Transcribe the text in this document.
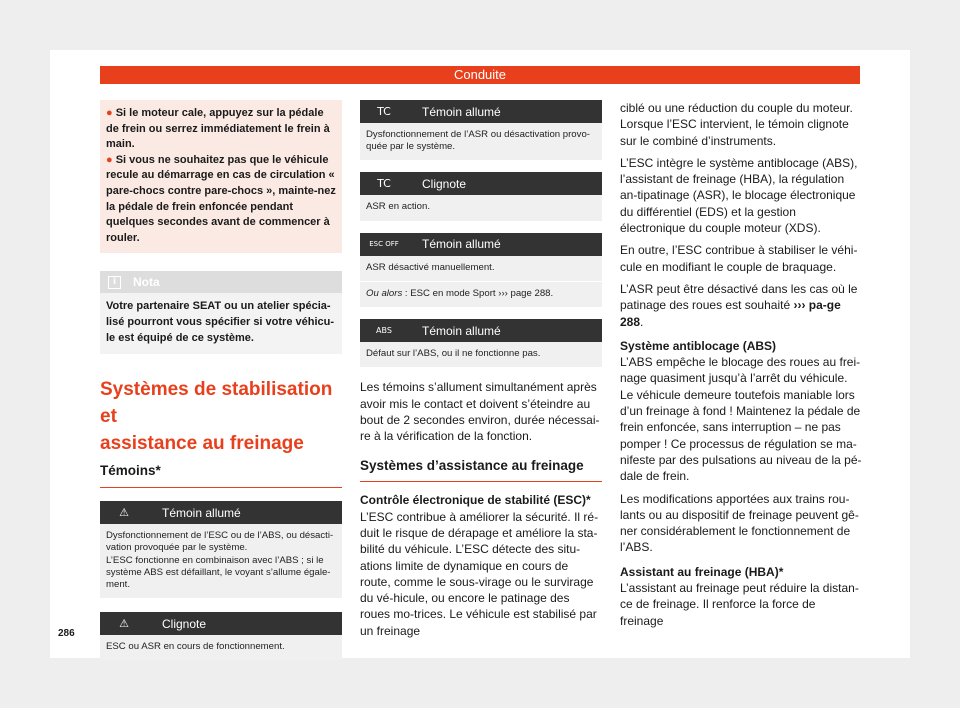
Conduite

● Si le moteur cale, appuyez sur la pédale de frein ou serrez immédiatement le frein à main.

● Si vous ne souhaitez pas que le véhicule recule au démarrage en cas de circulation « pare-chocs contre pare-chocs », mainte-nez la pédale de frein enfoncée pendant quelques secondes avant de commencer à rouler.

i	Nota
Votre partenaire SEAT ou un atelier spécia-lisé pourront vous spécifier si votre véhicu-le est équipé de ce système.
Systèmes de stabilisation et
assistance au freinage
Témoins*
⚠	Témoin allumé
Dysfonctionnement de l’ESC ou de l’ABS, ou désacti-vation provoquée par le système.
L’ESC fonctionne en combinaison avec l’ABS ; si le système ABS est défaillant, le voyant s’allume égale-ment.
⚠	Clignote
ESC ou ASR en cours de fonctionnement.
TC	Témoin allumé
Dysfonctionnement de l’ASR ou désactivation provo-quée par le système.
TC	Clignote
ASR en action.
ESC OFF	Témoin allumé
ASR désactivé manuellement.
Ou alors : ESC en mode Sport ››› page 288.
ABS	Témoin allumé
Défaut sur l’ABS, ou il ne fonctionne pas.

Les témoins s’allument simultanément après avoir mis le contact et doivent s’éteindre au bout de 2 secondes environ, durée nécessai-re à la vérification de la fonction.

Systèmes d’assistance au freinage

Contrôle électronique de stabilité (ESC)*

L’ESC contribue à améliorer la sécurité. Il ré-duit le risque de dérapage et améliore la sta-bilité du véhicule. L’ESC détecte des situ-ations limite de dynamique en cours de route, comme le sous-virage ou le survirage du vé-hicule, ou encore le patinage des roues mo-trices. Le véhicule est stabilisé par un freinage

ciblé ou une réduction du couple du moteur. Lorsque l’ESC intervient, le témoin clignote sur le combiné d’instruments.

L’ESC intègre le système antiblocage (ABS), l’assistant de freinage (HBA), la régulation an-tipatinage (ASR), le blocage électronique du différentiel (EDS) et la gestion électronique du couple moteur (XDS).

En outre, l’ESC contribue à stabiliser le véhi-cule en modifiant le couple de braquage.

L’ASR peut être désactivé dans les cas où le patinage des roues est souhaité ››› pa-ge 288.

Système antiblocage (ABS)

L’ABS empêche le blocage des roues au frei-nage quasiment jusqu’à l’arrêt du véhicule. Le véhicule demeure toutefois maniable lors d’un freinage à fond ! Maintenez la pédale de frein enfoncée, sans interruption – ne pas pomper ! Ce processus de régulation se ma-nifeste par des pulsations au niveau de la pé-dale de frein.

Les modifications apportées aux trains rou-lants ou au dispositif de freinage peuvent gê-ner considérablement le fonctionnement de l’ABS.

Assistant au freinage (HBA)*

L’assistant au freinage peut réduire la distan-ce de freinage. Il renforce la force de freinage

286
